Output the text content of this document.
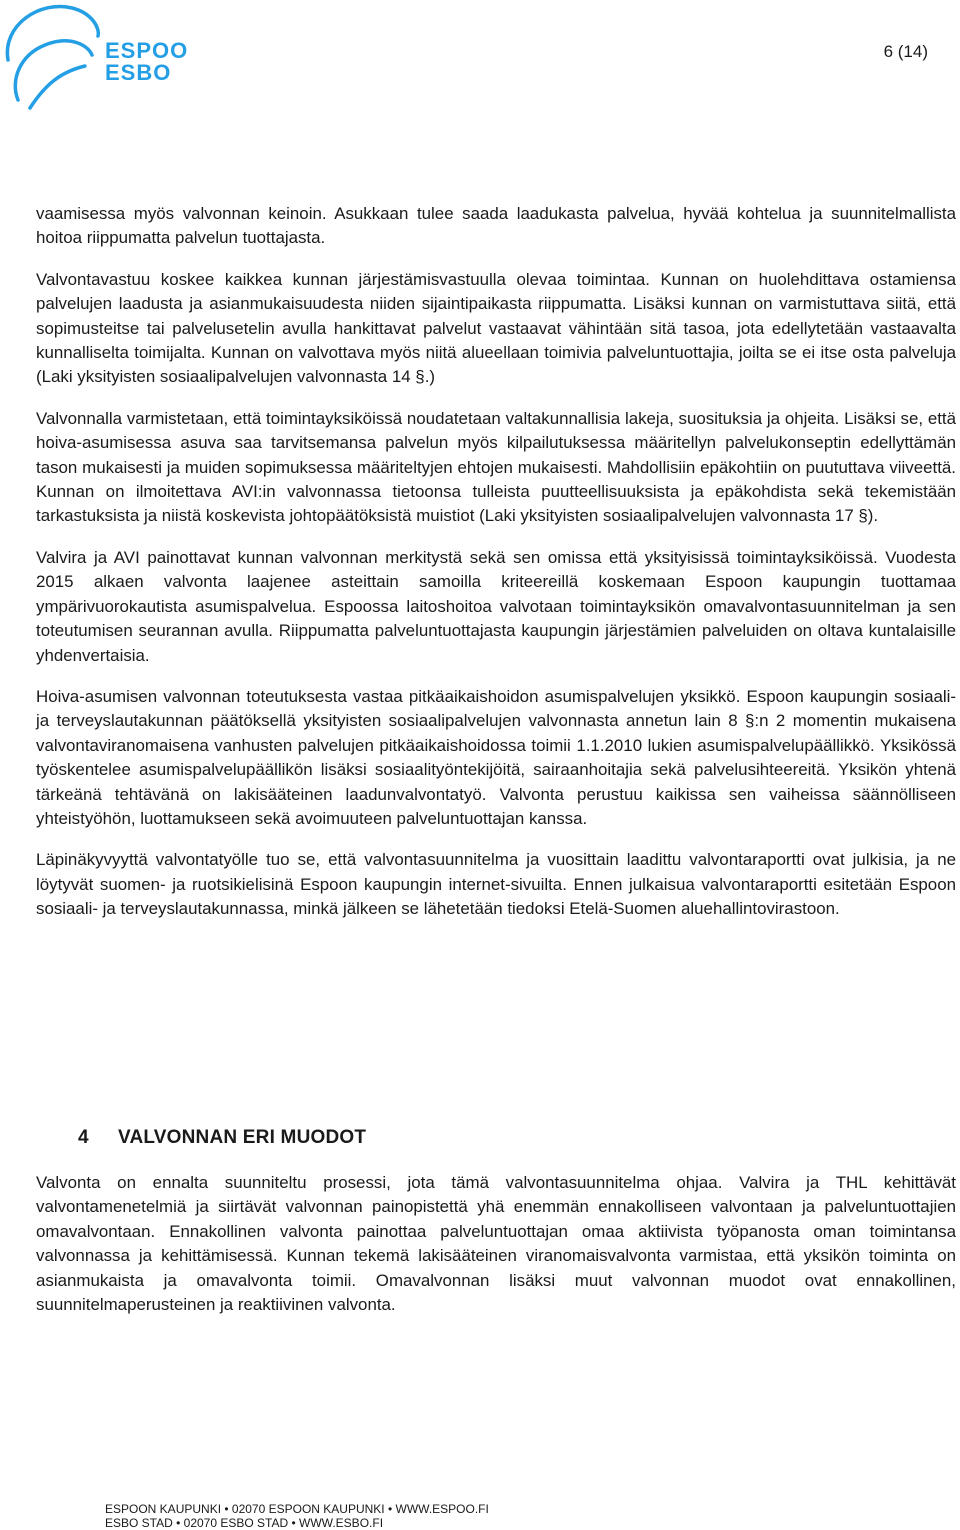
ESPOO
ESBO
6 (14)

vaamisessa myös valvonnan keinoin. Asukkaan tulee saada laadukasta palvelua, hyvää kohtelua ja suunnitelmallista hoitoa riippumatta palvelun tuottajasta.

Valvontavastuu koskee kaikkea kunnan järjestämisvastuulla olevaa toimintaa. Kunnan on huolehdittava ostamiensa palvelujen laadusta ja asianmukaisuudesta niiden sijaintipaikasta riippumatta. Lisäksi kunnan on varmistuttava siitä, että sopimusteitse tai palvelusetelin avulla hankittavat palvelut vastaavat vähintään sitä tasoa, jota edellytetään vastaavalta kunnalliselta toimijalta. Kunnan on valvottava myös niitä alueellaan toimivia palveluntuottajia, joilta se ei itse osta palveluja (Laki yksityisten sosiaalipalvelujen valvonnasta 14 §.)

Valvonnalla varmistetaan, että toimintayksiköissä noudatetaan valtakunnallisia lakeja, suosituksia ja ohjeita. Lisäksi se, että hoiva-asumisessa asuva saa tarvitsemansa palvelun myös kilpailutuksessa määritellyn palvelukonseptin edellyttämän tason mukaisesti ja muiden sopimuksessa määriteltyjen ehtojen mukaisesti. Mahdollisiin epäkohtiin on puututtava viiveettä. Kunnan on ilmoitettava AVI:in valvonnassa tietoonsa tulleista puutteellisuuksista ja epäkohdista sekä tekemistään tarkastuksista ja niistä koskevista johtopäätöksistä muistiot (Laki yksityisten sosiaalipalvelujen valvonnasta 17 §).

Valvira ja AVI painottavat kunnan valvonnan merkitystä sekä sen omissa että yksityisissä toimintayksiköissä. Vuodesta 2015 alkaen valvonta laajenee asteittain samoilla kriteereillä koskemaan Espoon kaupungin tuottamaa ympärivuorokautista asumispalvelua. Espoossa laitoshoitoa valvotaan toimintayksikön omavalvontasuunnitelman ja sen toteutumisen seurannan avulla. Riippumatta palveluntuottajasta kaupungin järjestämien palveluiden on oltava kuntalaisille yhdenvertaisia.

Hoiva-asumisen valvonnan toteutuksesta vastaa pitkäaikaishoidon asumispalvelujen yksikkö. Espoon kaupungin sosiaali- ja terveyslautakunnan päätöksellä yksityisten sosiaalipalvelujen valvonnasta annetun lain 8 §:n 2 momentin mukaisena valvontaviranomaisena vanhusten palvelujen pitkäaikaishoidossa toimii 1.1.2010 lukien asumispalvelupäällikkö. Yksikössä työskentelee asumispalvelupäällikön lisäksi sosiaalityöntekijöitä, sairaanhoitajia sekä palvelusihteereitä. Yksikön yhtenä tärkeänä tehtävänä on lakisääteinen laadunvalvontatyö. Valvonta perustuu kaikissa sen vaiheissa säännölliseen yhteistyöhön, luottamukseen sekä avoimuuteen palveluntuottajan kanssa.

Läpinäkyvyyttä valvontatyölle tuo se, että valvontasuunnitelma ja vuosittain laadittu valvontaraportti ovat julkisia, ja ne löytyvät suomen- ja ruotsikielisinä Espoon kaupungin internet-sivuilta. Ennen julkaisua valvontaraportti esitetään Espoon sosiaali- ja terveyslautakunnassa, minkä jälkeen se lähetetään tiedoksi Etelä-Suomen aluehallintovirastoon.

4 VALVONNAN ERI MUODOT

Valvonta on ennalta suunniteltu prosessi, jota tämä valvontasuunnitelma ohjaa. Valvira ja THL kehittävät valvontamenetelmiä ja siirtävät valvonnan painopistettä yhä enemmän ennakolliseen valvontaan ja palveluntuottajien omavalvontaan. Ennakollinen valvonta painottaa palveluntuottajan omaa aktiivista työpanosta oman toimintansa valvonnassa ja kehittämisessä. Kunnan tekemä lakisääteinen viranomaisvalvonta varmistaa, että yksikön toiminta on asianmukaista ja omavalvonta toimii. Omavalvonnan lisäksi muut valvonnan muodot ovat ennakollinen, suunnitelmaperusteinen ja reaktiivinen valvonta.

ESPOON KAUPUNKI • 02070 ESPOON KAUPUNKI • WWW.ESPOO.FI
ESBO STAD • 02070 ESBO STAD • WWW.ESBO.FI
